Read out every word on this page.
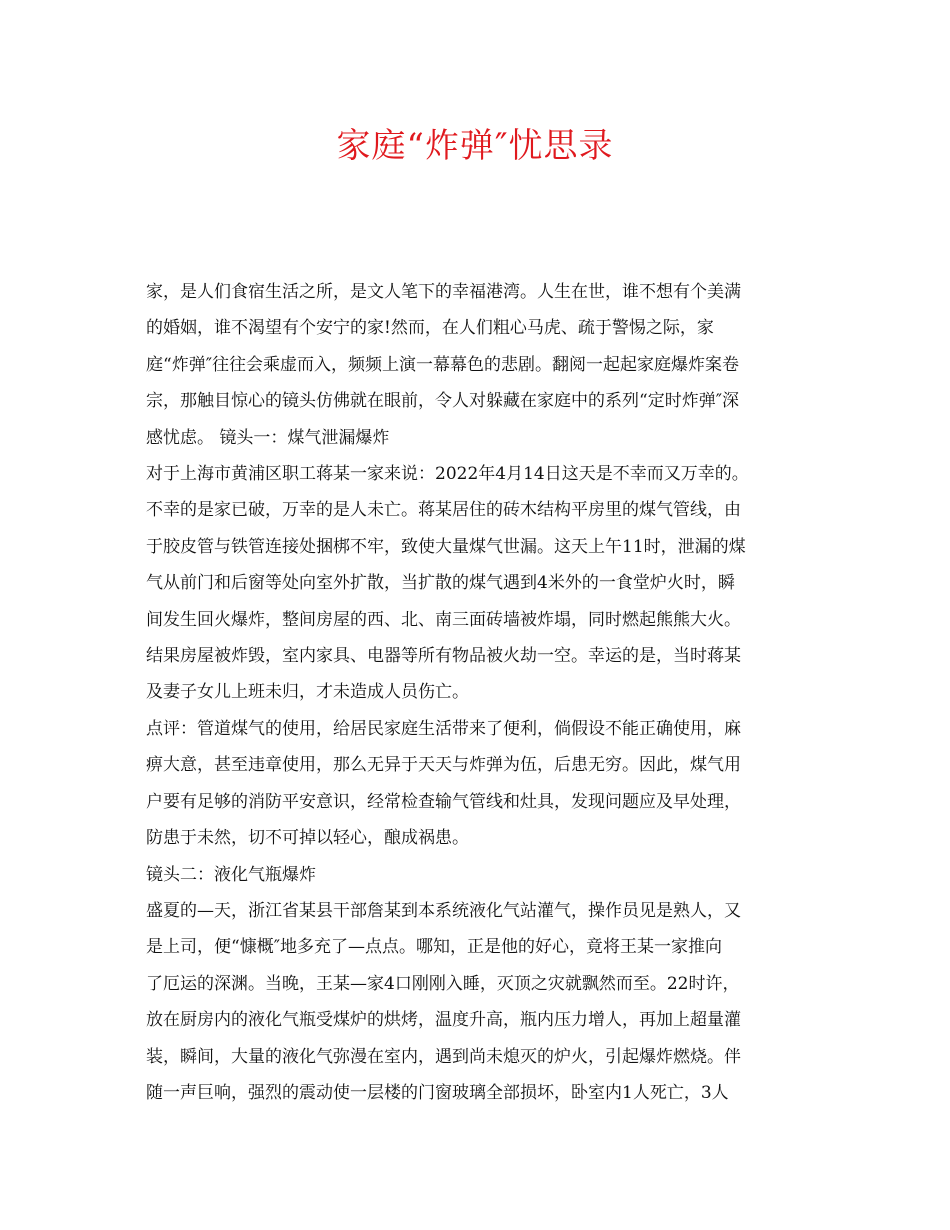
家庭“炸弹″忧思录

家，是人们食宿生活之所，是文人笔下的幸福港湾。人生在世，谁不想有个美满

的婚姻，谁不渴望有个安宁的家!然而，在人们粗心马虎、疏于警惕之际，家

庭“炸弹″往往会乘虚而入，频频上演一幕幕色的悲剧。翻阅一起起家庭爆炸案卷

宗，那触目惊心的镜头仿佛就在眼前，令人对躲藏在家庭中的系列“定时炸弹″深

感忧虑。 镜头一：煤气泄漏爆炸

对于上海市黄浦区职工蒋某一家来说：2022年4月14日这天是不幸而又万幸的。

不幸的是家已破，万幸的是人未亡。蒋某居住的砖木结构平房里的煤气管线，由

于胶皮管与铁管连接处捆梆不牢，致使大量煤气世漏。这天上午11时，泄漏的煤

气从前门和后窗等处向室外扩散，当扩散的煤气遇到4米外的一食堂炉火时，瞬

间发生回火爆炸，整间房屋的西、北、南三面砖墙被炸塌，同时燃起熊熊大火。

结果房屋被炸毁，室内家具、电器等所有物品被火劫一空。幸运的是，当时蒋某

及妻子女儿上班未归，才未造成人员伤亡。

点评：管道煤气的使用，给居民家庭生活带来了便利，倘假设不能正确使用，麻

痹大意，甚至违章使用，那么无异于天天与炸弹为伍，后患无穷。因此，煤气用

户要有足够的消防平安意识，经常检查输气管线和灶具，发现问题应及早处理，

防患于未然，切不可掉以轻心，酿成祸患。

镜头二：液化气瓶爆炸

盛夏的—天，浙江省某县干部詹某到本系统液化气站灌气，操作员见是熟人，又

是上司，便“慷概″地多充了—点点。哪知，正是他的好心，竟将王某一家推向

了厄运的深渊。当晚，王某—家4口刚刚入睡，灭顶之灾就飘然而至。22时许，

放在厨房内的液化气瓶受煤炉的烘烤，温度升高，瓶内压力增人，再加上超量灌

装，瞬间，大量的液化气弥漫在室内，遇到尚未熄灭的炉火，引起爆炸燃烧。伴

随一声巨响，强烈的震动使一层楼的门窗玻璃全部损坏，卧室内1人死亡，3人
